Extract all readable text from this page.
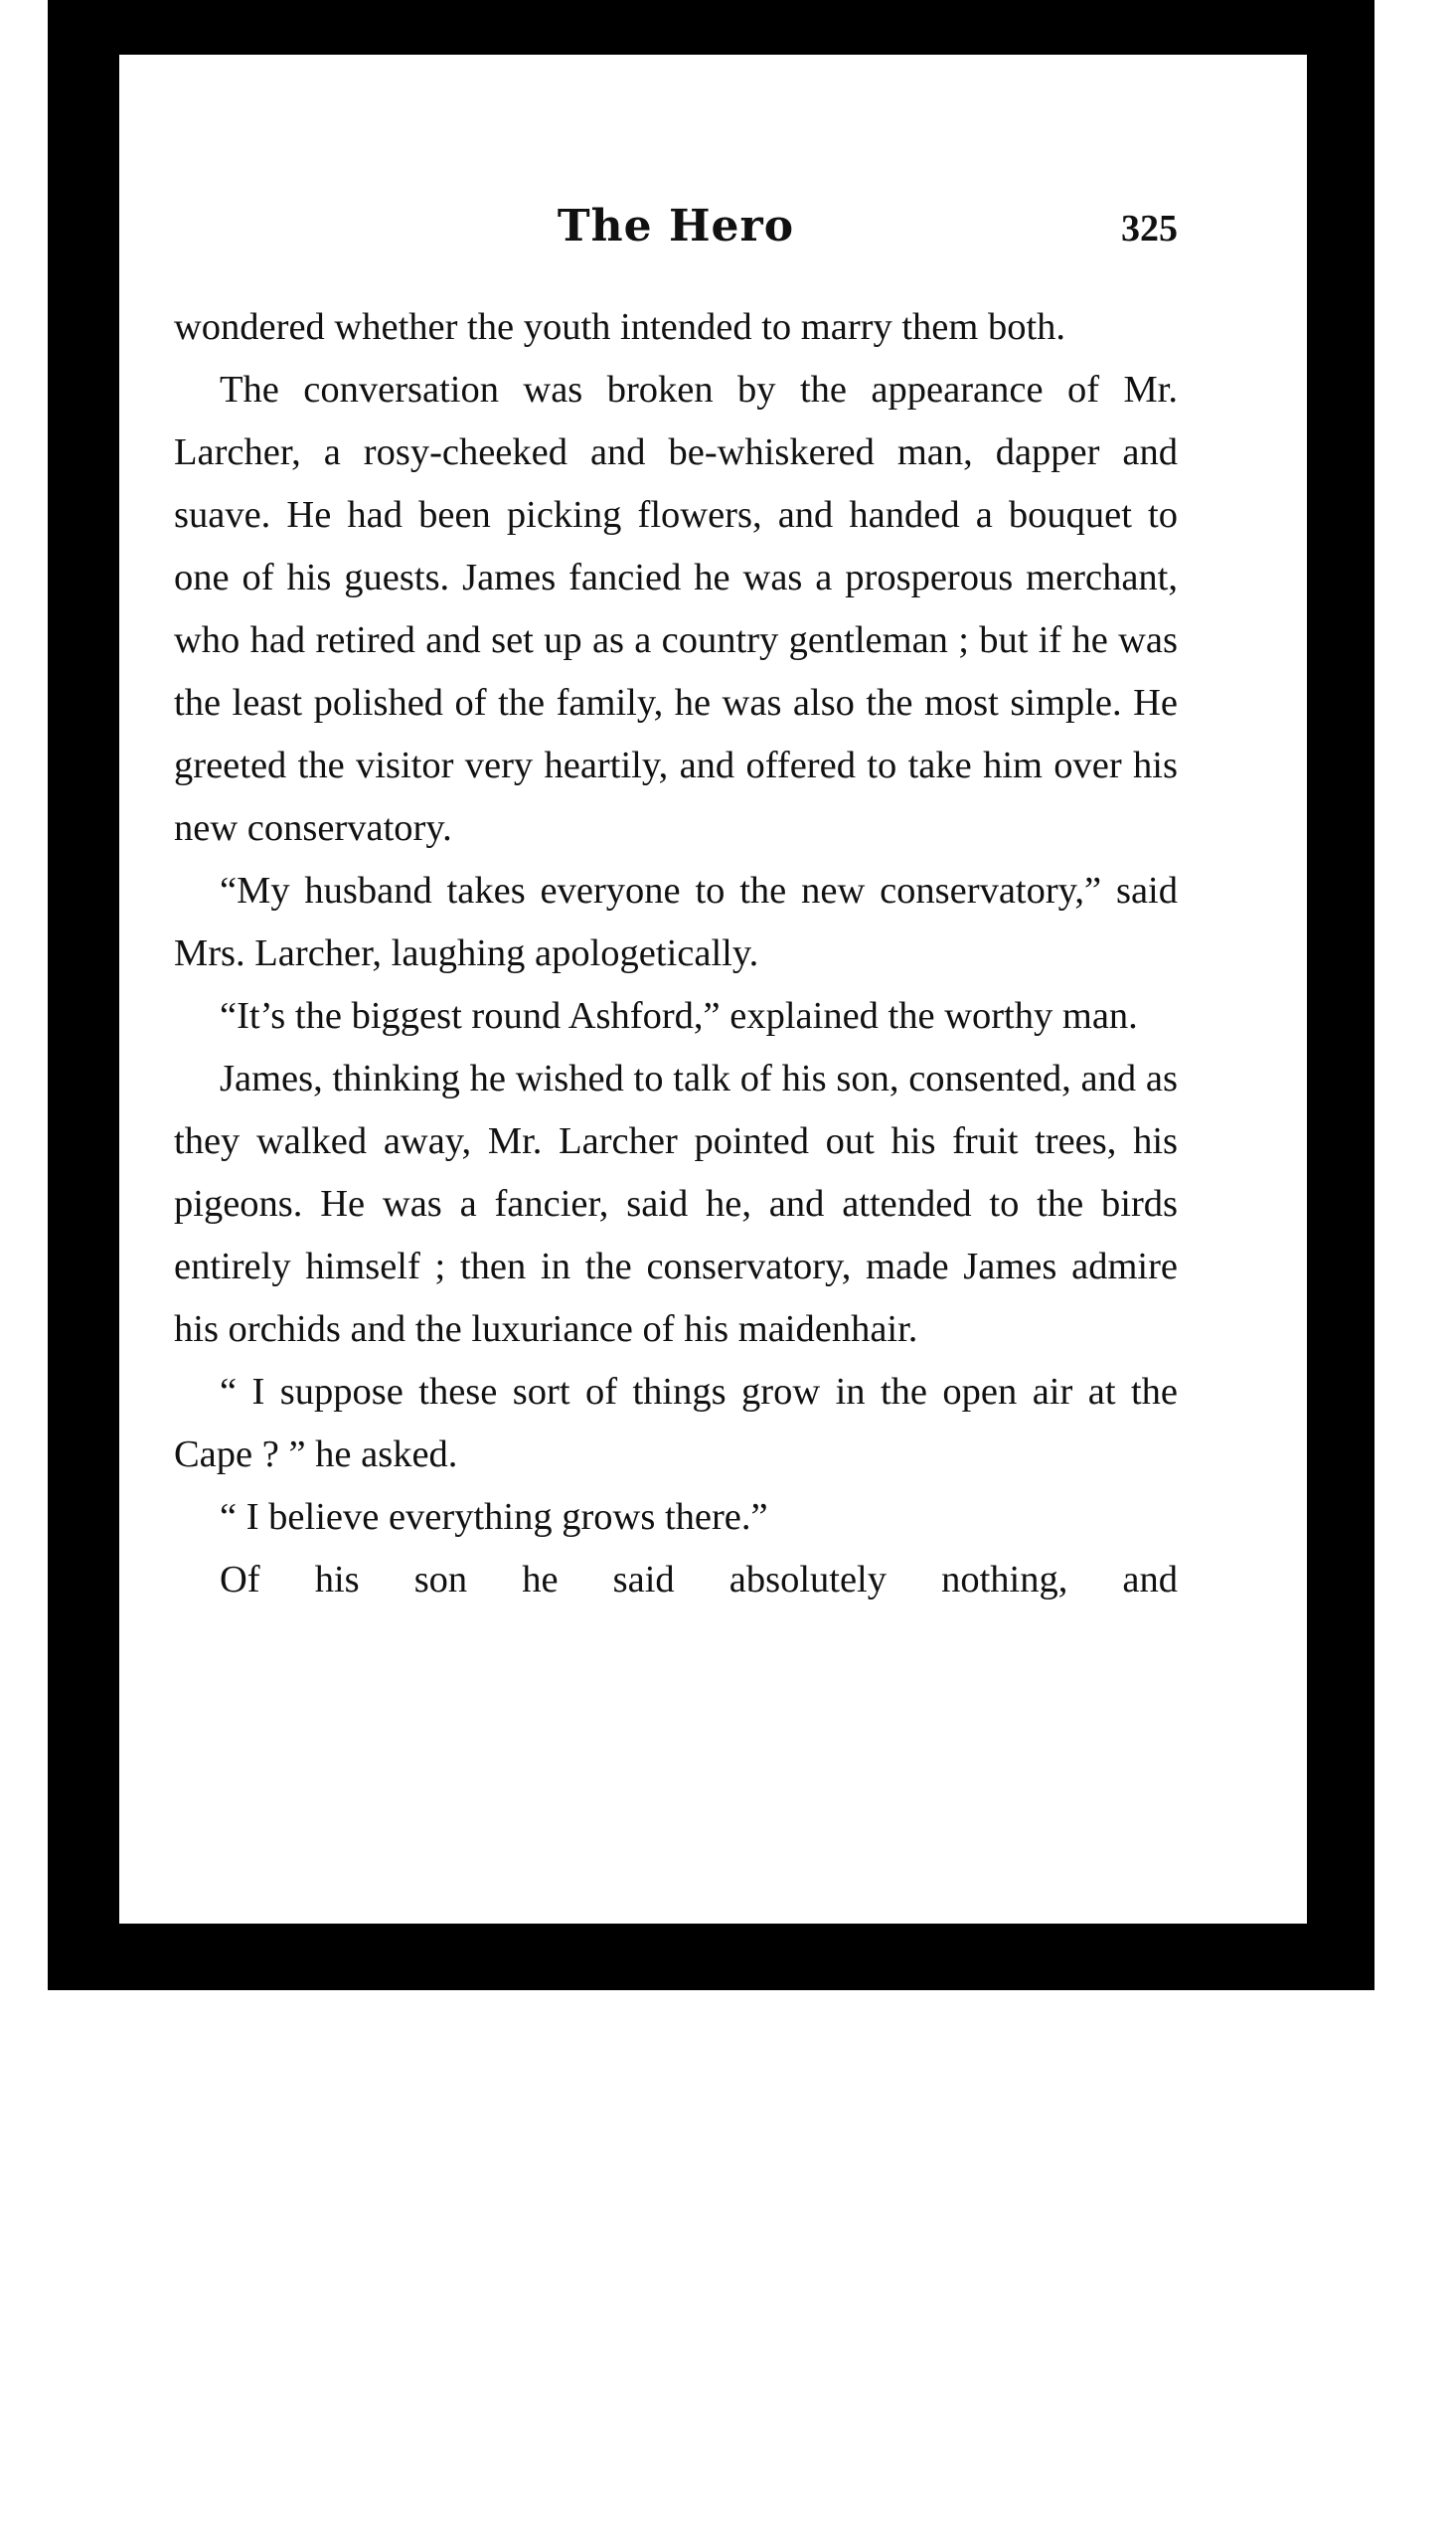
The Hero	325

wondered whether the youth intended to marry them both.

The conversation was broken by the appearance of Mr. Larcher, a rosy-cheeked and be-whiskered man, dapper and suave. He had been picking flowers, and handed a bouquet to one of his guests. James fancied he was a prosperous merchant, who had retired and set up as a country gentleman ; but if he was the least polished of the family, he was also the most simple. He greeted the visitor very heartily, and offered to take him over his new conservatory.

“My husband takes everyone to the new conservatory,” said Mrs. Larcher, laughing apologetically.

“It’s the biggest round Ashford,” explained the worthy man.

James, thinking he wished to talk of his son, consented, and as they walked away, Mr. Larcher pointed out his fruit trees, his pigeons. He was a fancier, said he, and attended to the birds entirely himself ; then in the conservatory, made James admire his orchids and the luxuriance of his maidenhair.

“ I suppose these sort of things grow in the open air at the Cape ? ” he asked.

“ I believe everything grows there.”

Of his son he said absolutely nothing, and
